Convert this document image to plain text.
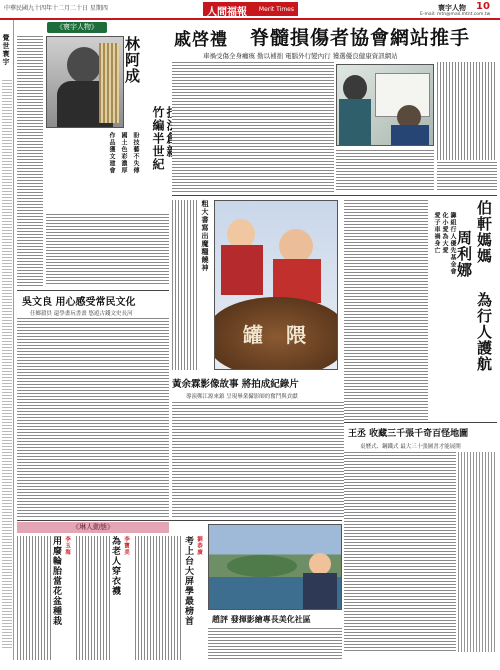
中華民國九十四年十二月二十日 星期四	人間福報 Merit Times	寰宇人物 10
E-mail: mtn@mail.mtnt.com.tw
覺世寰宇
《寰宇人物》
林阿成
竹編半世紀
作品獲文建會 國土色彩濃厚 盼技藝不失傳
吳文良 用心感受常民文化
任鄉殺員 還學畫玩書畫 悠遊古錢文史長河
戚啓禮 脊髓損傷者協會網站推手
車禍受傷全身癱瘓 勤以補拙 電腦外行變內行 獲選優良健康資訊網站
粗大書寫出魔糧饒神
罐 隈
黃余霖影像故事 將拍成紀錄片
導演鄭江源來鎮 呈現畢業攝影師的奮鬥與貢獻
伯軒媽媽
周利娜
為行人護航
愛子車禍身亡 化小愛為大愛 籌組行人優先基金會
王丞 收藏三千張千奇百怪地圖
桌曆式、鋼鐵式 最大三十張圖書才能展開
《琳人動態》
李玉海
用廢輪胎當花盆種栽	李寶美
為老人穿衣襪	劉恭廣
考上台大屏學最榜首 趙評 發揮影繪專長美化社區
